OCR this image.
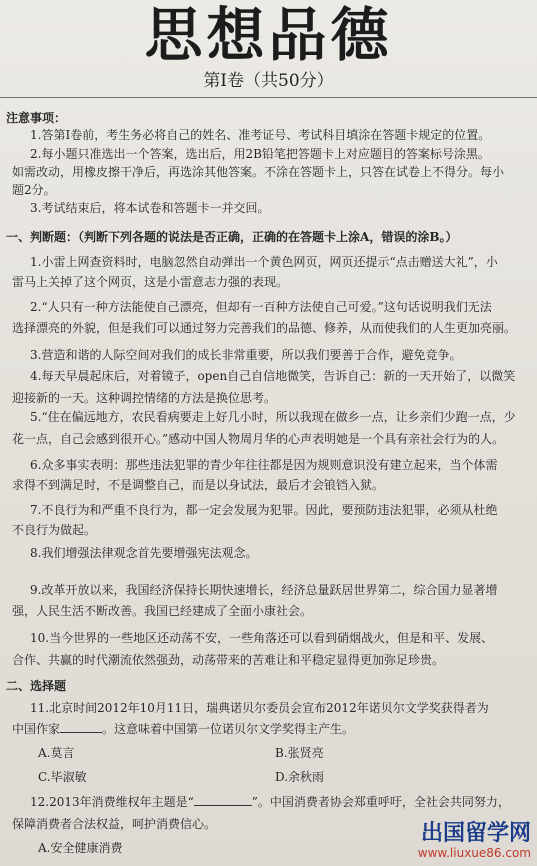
思想品德
第I卷（共50分）
注意事项：
1.答第Ⅰ卷前，考生务必将自己的姓名、准考证号、考试科目填涂在答题卡规定的位置。
2.每小题只准选出一个答案，选出后，用2B铅笔把答题卡上对应题目的答案标号涂黑。
如需改动，用橡皮擦干净后，再选涂其他答案。不涂在答题卡上，只答在试卷上不得分。每小
题2分。
3.考试结束后，将本试卷和答题卡一并交回。
一、判断题：（判断下列各题的说法是否正确，正确的在答题卡上涂A，错误的涂B。）
1.小雷上网查资料时，电脑忽然自动弹出一个黄色网页，网页还提示“点击赠送大礼”，小
雷马上关掉了这个网页，这是小雷意志力强的表现。
2.“人只有一种方法能使自己漂亮，但却有一百种方法使自己可爱。”这句话说明我们无法
选择漂亮的外貌，但是我们可以通过努力完善我们的品德、修养，从而使我们的人生更加亮丽。
3.营造和谐的人际空间对我们的成长非常重要，所以我们要善于合作，避免竞争。
4.每天早晨起床后，对着镜子，open自己自信地微笑，告诉自己：新的一天开始了，以微笑
迎接新的一天。这种调控情绪的方法是换位思考。
5.“住在偏远地方，农民看病要走上好几小时，所以我现在做乡一点，让乡亲们少跑一点，少
花一点，自己会感到很开心。”感动中国人物周月华的心声表明她是一个具有亲社会行为的人。
6.众多事实表明：那些违法犯罪的青少年往往都是因为规则意识没有建立起来，当个体需
求得不到满足时，不是调整自己，而是以身试法，最后才会锒铛入狱。
7.不良行为和严重不良行为，都一定会发展为犯罪。因此，要预防违法犯罪，必须从杜绝
不良行为做起。
8.我们增强法律观念首先要增强宪法观念。
9.改革开放以来，我国经济保持长期快速增长，经济总量跃居世界第二，综合国力显著增
强，人民生活不断改善。我国已经建成了全面小康社会。
10.当今世界的一些地区还动荡不安，一些角落还可以看到硝烟战火，但是和平、发展、
合作、共赢的时代潮流依然强劲，动荡带来的苦难让和平稳定显得更加弥足珍贵。
二、选择题
11.北京时间2012年10月11日，瑞典诺贝尔委员会宣布2012年诺贝尔文学奖获得者为
中国作家	。这意味着中国第一位诺贝尔文学奖得主产生。
A.莫言	B.张贤亮
C.毕淑敏	D.余秋雨
12.2013年消费维权年主题是“	”。中国消费者协会郑重呼吁，全社会共同努力，
保障消费者合法权益，呵护消费信心。
A.安全健康消费
出国留学网
www.liuxue86.com
